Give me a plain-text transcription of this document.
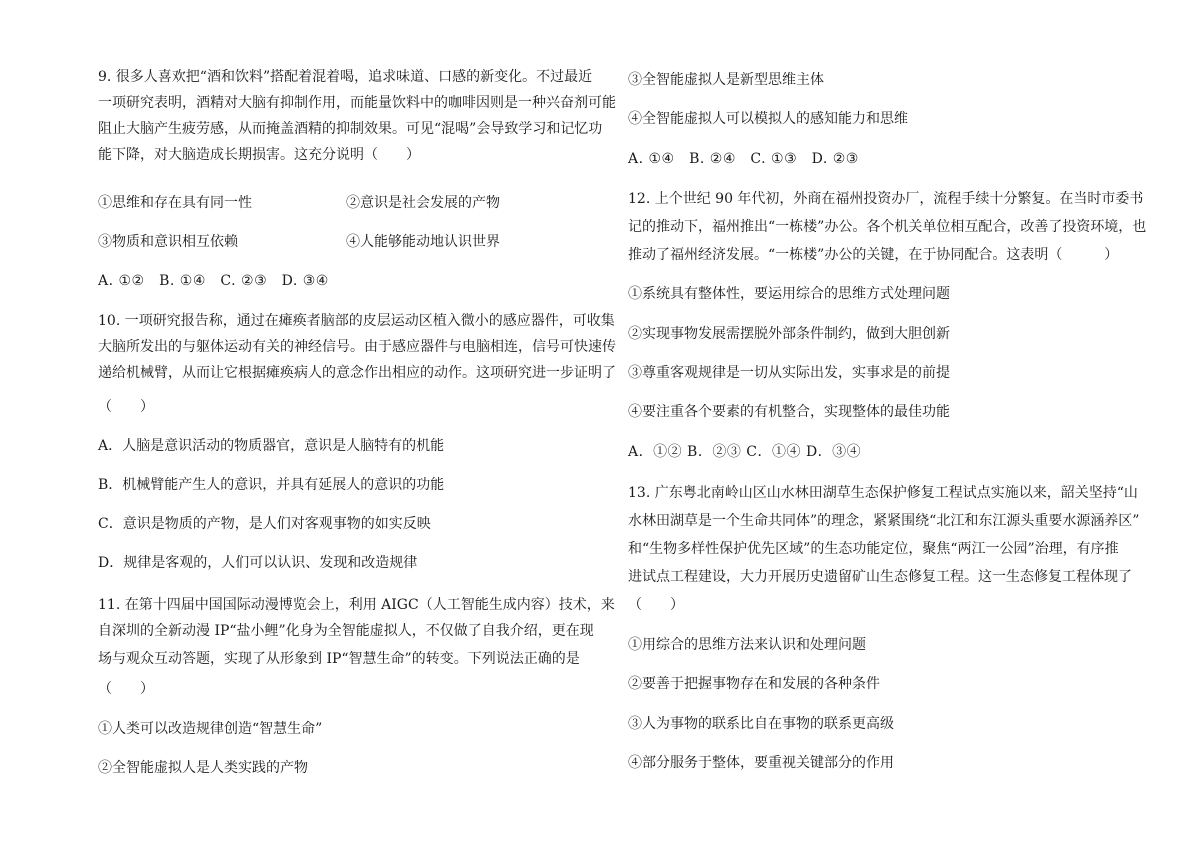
9. 很多人喜欢把“酒和饮料”搭配着混着喝，追求味道、口感的新变化。不过最近
一项研究表明，酒精对大脑有抑制作用，而能量饮料中的咖啡因则是一种兴奋剂可能
阻止大脑产生疲劳感，从而掩盖酒精的抑制效果。可见“混喝”会导致学习和记忆功
能下降，对大脑造成长期损害。这充分说明（　　）
①思维和存在具有同一性	②意识是社会发展的产物
③物质和意识相互依赖	④人能够能动地认识世界
A. ①②　B. ①④　C. ②③　D. ③④
10. 一项研究报告称，通过在瘫痪者脑部的皮层运动区植入微小的感应器件，可收集
大脑所发出的与躯体运动有关的神经信号。由于感应器件与电脑相连，信号可快速传
递给机械臂，从而让它根据瘫痪病人的意念作出相应的动作。这项研究进一步证明了
（　　）
A．人脑是意识活动的物质器官，意识是人脑特有的机能
B．机械臂能产生人的意识，并具有延展人的意识的功能
C．意识是物质的产物，是人们对客观事物的如实反映
D．规律是客观的，人们可以认识、发现和改造规律
11. 在第十四届中国国际动漫博览会上，利用 AIGC（人工智能生成内容）技术，来
自深圳的全新动漫 IP“盐小鲤”化身为全智能虚拟人，不仅做了自我介绍，更在现
场与观众互动答题，实现了从形象到 IP“智慧生命”的转变。下列说法正确的是
（　　）
①人类可以改造规律创造“智慧生命”
②全智能虚拟人是人类实践的产物
③全智能虚拟人是新型思维主体
④全智能虚拟人可以模拟人的感知能力和思维
A. ①④　B. ②④　C. ①③　D. ②③
12. 上个世纪 90 年代初，外商在福州投资办厂，流程手续十分繁复。在当时市委书
记的推动下，福州推出“一栋楼”办公。各个机关单位相互配合，改善了投资环境，也
推动了福州经济发展。“一栋楼”办公的关键，在于协同配合。这表明（　　　）
①系统具有整体性，要运用综合的思维方式处理问题
②实现事物发展需摆脱外部条件制约，做到大胆创新
③尊重客观规律是一切从实际出发，实事求是的前提
④要注重各个要素的有机整合，实现整体的最佳功能
A．①② B．②③ C．①④ D．③④
13. 广东粤北南岭山区山水林田湖草生态保护修复工程试点实施以来，韶关坚持“山
水林田湖草是一个生命共同体”的理念，紧紧围绕“北江和东江源头重要水源涵养区”
和“生物多样性保护优先区域”的生态功能定位，聚焦“两江一公园”治理，有序推
进试点工程建设，大力开展历史遗留矿山生态修复工程。这一生态修复工程体现了
（　　）
①用综合的思维方法来认识和处理问题
②要善于把握事物存在和发展的各种条件
③人为事物的联系比自在事物的联系更高级
④部分服务于整体，要重视关键部分的作用
